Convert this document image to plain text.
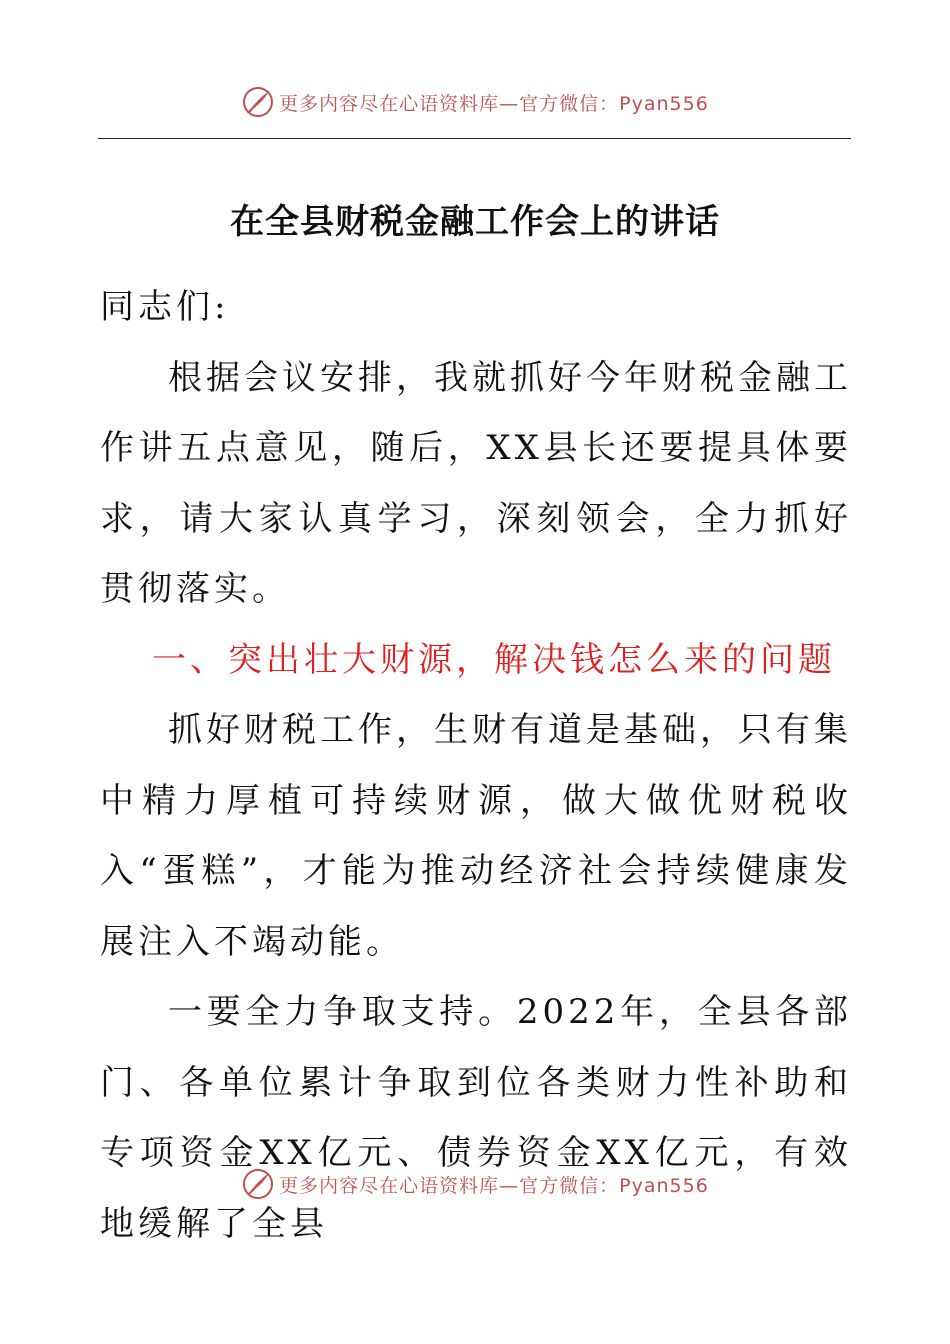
更多内容尽在心语资料库—官方微信：Pyan556
在全县财税金融工作会上的讲话

同志们:

根据会议安排，我就抓好今年财税金融工作讲五点意见，随后，XX县长还要提具体要求，请大家认真学习，深刻领会，全力抓好贯彻落实。

一、突出壮大财源，解决钱怎么来的问题

抓好财税工作，生财有道是基础，只有集中精力厚植可持续财源，做大做优财税收入“蛋糕”，才能为推动经济社会持续健康发展注入不竭动能。

一要全力争取支持。2022年，全县各部门、各单位累计争取到位各类财力性补助和专项资金XX亿元、债券资金XX亿元，有效地缓解了全县

更多内容尽在心语资料库—官方微信：Pyan556
